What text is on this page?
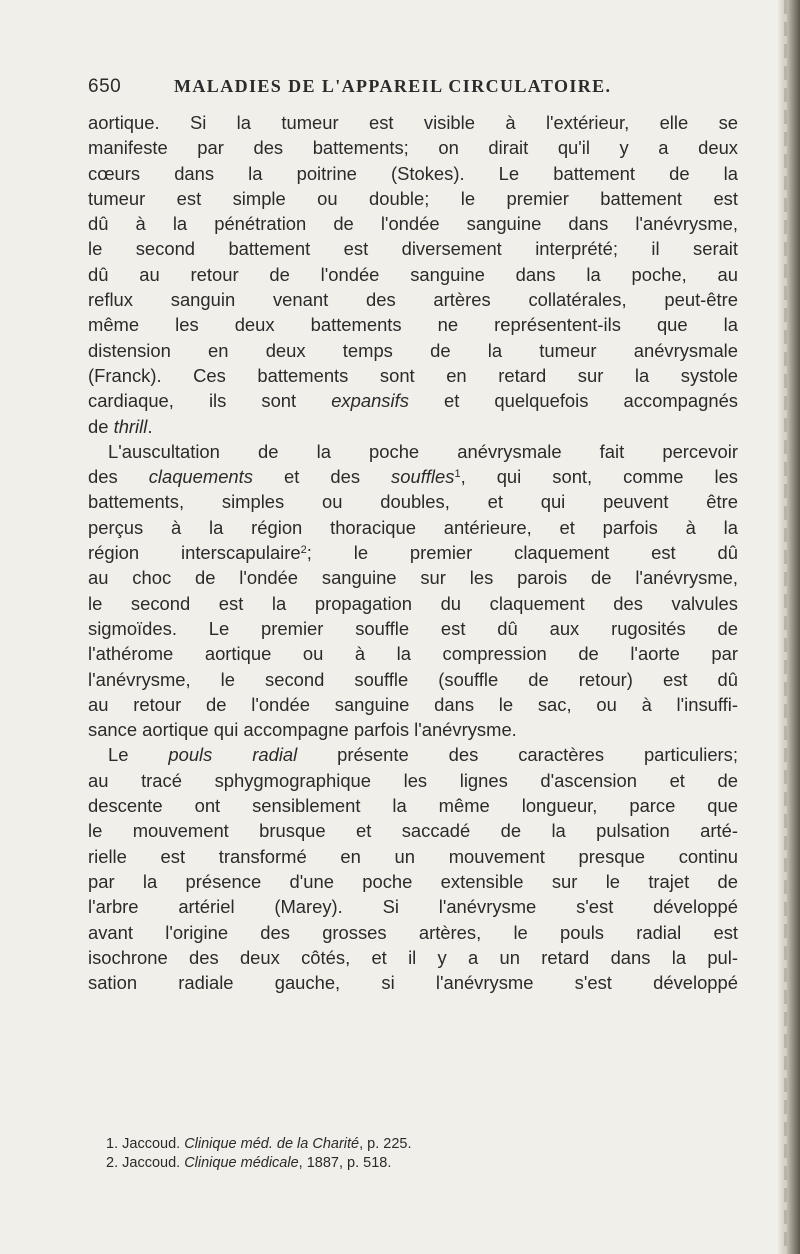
650	MALADIES DE L'APPAREIL CIRCULATOIRE.
aortique. Si la tumeur est visible à l'extérieur, elle se
manifeste par des battements; on dirait qu'il y a deux
cœurs dans la poitrine (Stokes). Le battement de la
tumeur est simple ou double; le premier battement est
dû à la pénétration de l'ondée sanguine dans l'anévrysme,
le second battement est diversement interprété; il serait
dû au retour de l'ondée sanguine dans la poche, au
reflux sanguin venant des artères collatérales, peut-être
même les deux battements ne représentent-ils que la
distension en deux temps de la tumeur anévrysmale
(Franck). Ces battements sont en retard sur la systole
cardiaque, ils sont expansifs et quelquefois accompagnés
de thrill.
L'auscultation de la poche anévrysmale fait percevoir
des claquements et des souffles$^1$, qui sont, comme les
battements, simples ou doubles, et qui peuvent être
perçus à la région thoracique antérieure, et parfois à la
région interscapulaire$^2$; le premier claquement est dû
au choc de l'ondée sanguine sur les parois de l'anévrysme,
le second est la propagation du claquement des valvules
sigmoïdes. Le premier souffle est dû aux rugosités de
l'athérome aortique ou à la compression de l'aorte par
l'anévrysme, le second souffle (souffle de retour) est dû
au retour de l'ondée sanguine dans le sac, ou à l'insuffi-
sance aortique qui accompagne parfois l'anévrysme.
Le pouls radial présente des caractères particuliers;
au tracé sphygmographique les lignes d'ascension et de
descente ont sensiblement la même longueur, parce que
le mouvement brusque et saccadé de la pulsation arté-
rielle est transformé en un mouvement presque continu
par la présence d'une poche extensible sur le trajet de
l'arbre artériel (Marey). Si l'anévrysme s'est développé
avant l'origine des grosses artères, le pouls radial est
isochrone des deux côtés, et il y a un retard dans la pul-
sation radiale gauche, si l'anévrysme s'est développé
1. Jaccoud. Clinique méd. de la Charité, p. 225.
2. Jaccoud. Clinique médicale, 1887, p. 518.
